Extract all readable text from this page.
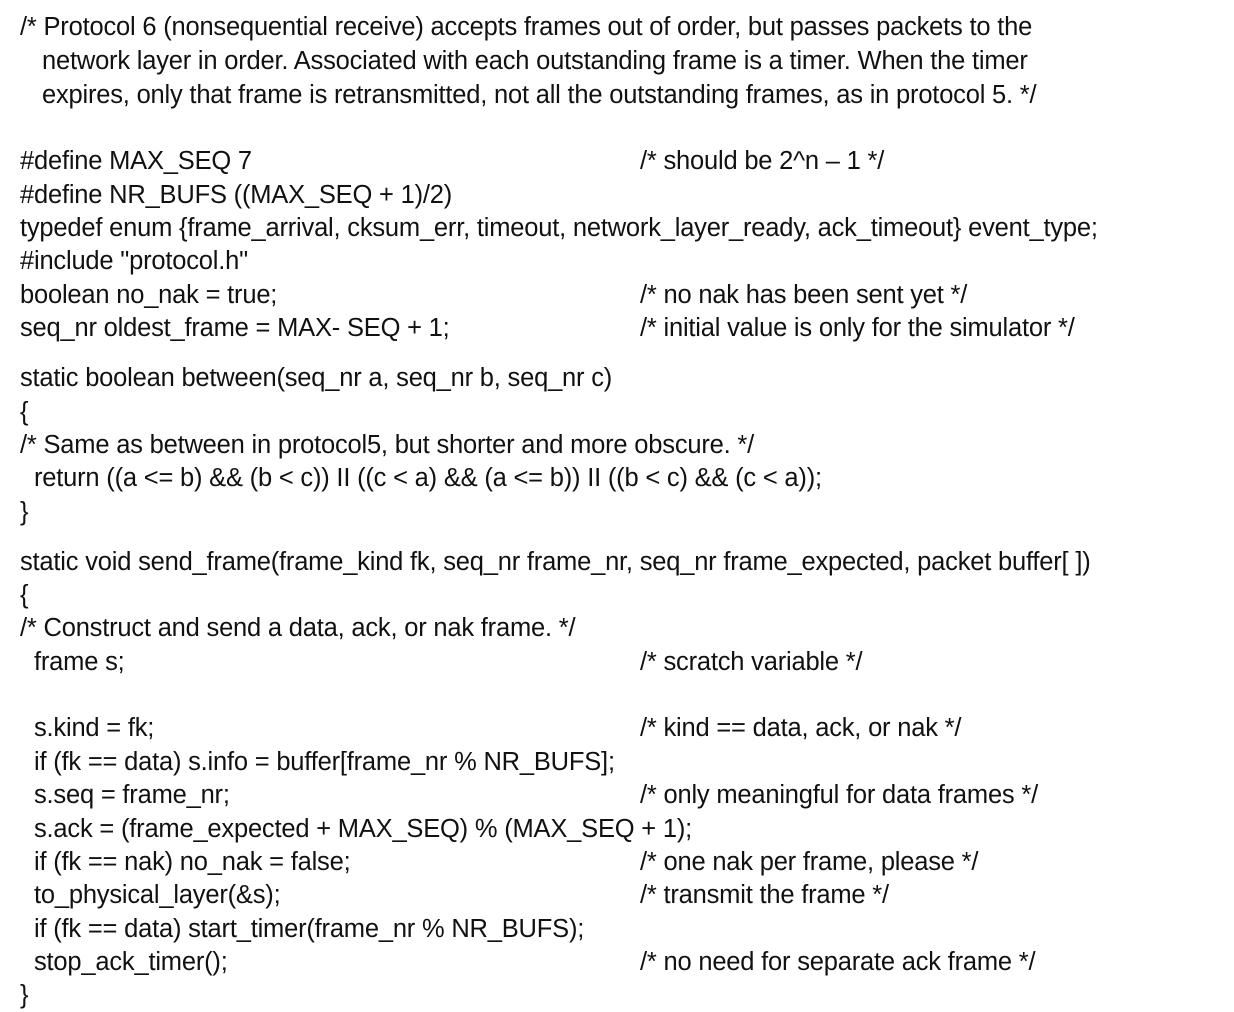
/* Protocol 6 (nonsequential receive) accepts frames out of order, but passes packets to the
network layer in order. Associated with each outstanding frame is a timer. When the timer
expires, only that frame is retransmitted, not all the outstanding frames, as in protocol 5. */
#define MAX_SEQ 7	/* should be 2^n – 1 */
#define NR_BUFS ((MAX_SEQ + 1)/2)
typedef enum {frame_arrival, cksum_err, timeout, network_layer_ready, ack_timeout} event_type;
#include "protocol.h"
boolean no_nak = true;	/* no nak has been sent yet */
seq_nr oldest_frame = MAX- SEQ + 1;	/* initial value is only for the simulator */
static boolean between(seq_nr a, seq_nr b, seq_nr c)
{
/* Same as between in protocol5, but shorter and more obscure. */
return ((a <= b) && (b < c)) II ((c < a) && (a <= b)) II ((b < c) && (c < a));
}
static void send_frame(frame_kind fk, seq_nr frame_nr, seq_nr frame_expected, packet buffer[ ])
{
/* Construct and send a data, ack, or nak frame. */
frame s;	/* scratch variable */
s.kind = fk;	/* kind == data, ack, or nak */
if (fk == data) s.info = buffer[frame_nr % NR_BUFS];
s.seq = frame_nr;	/* only meaningful for data frames */
s.ack = (frame_expected + MAX_SEQ) % (MAX_SEQ + 1);
if (fk == nak) no_nak = false;	/* one nak per frame, please */
to_physical_layer(&s);	/* transmit the frame */
if (fk == data) start_timer(frame_nr % NR_BUFS);
stop_ack_timer();	/* no need for separate ack frame */
}
